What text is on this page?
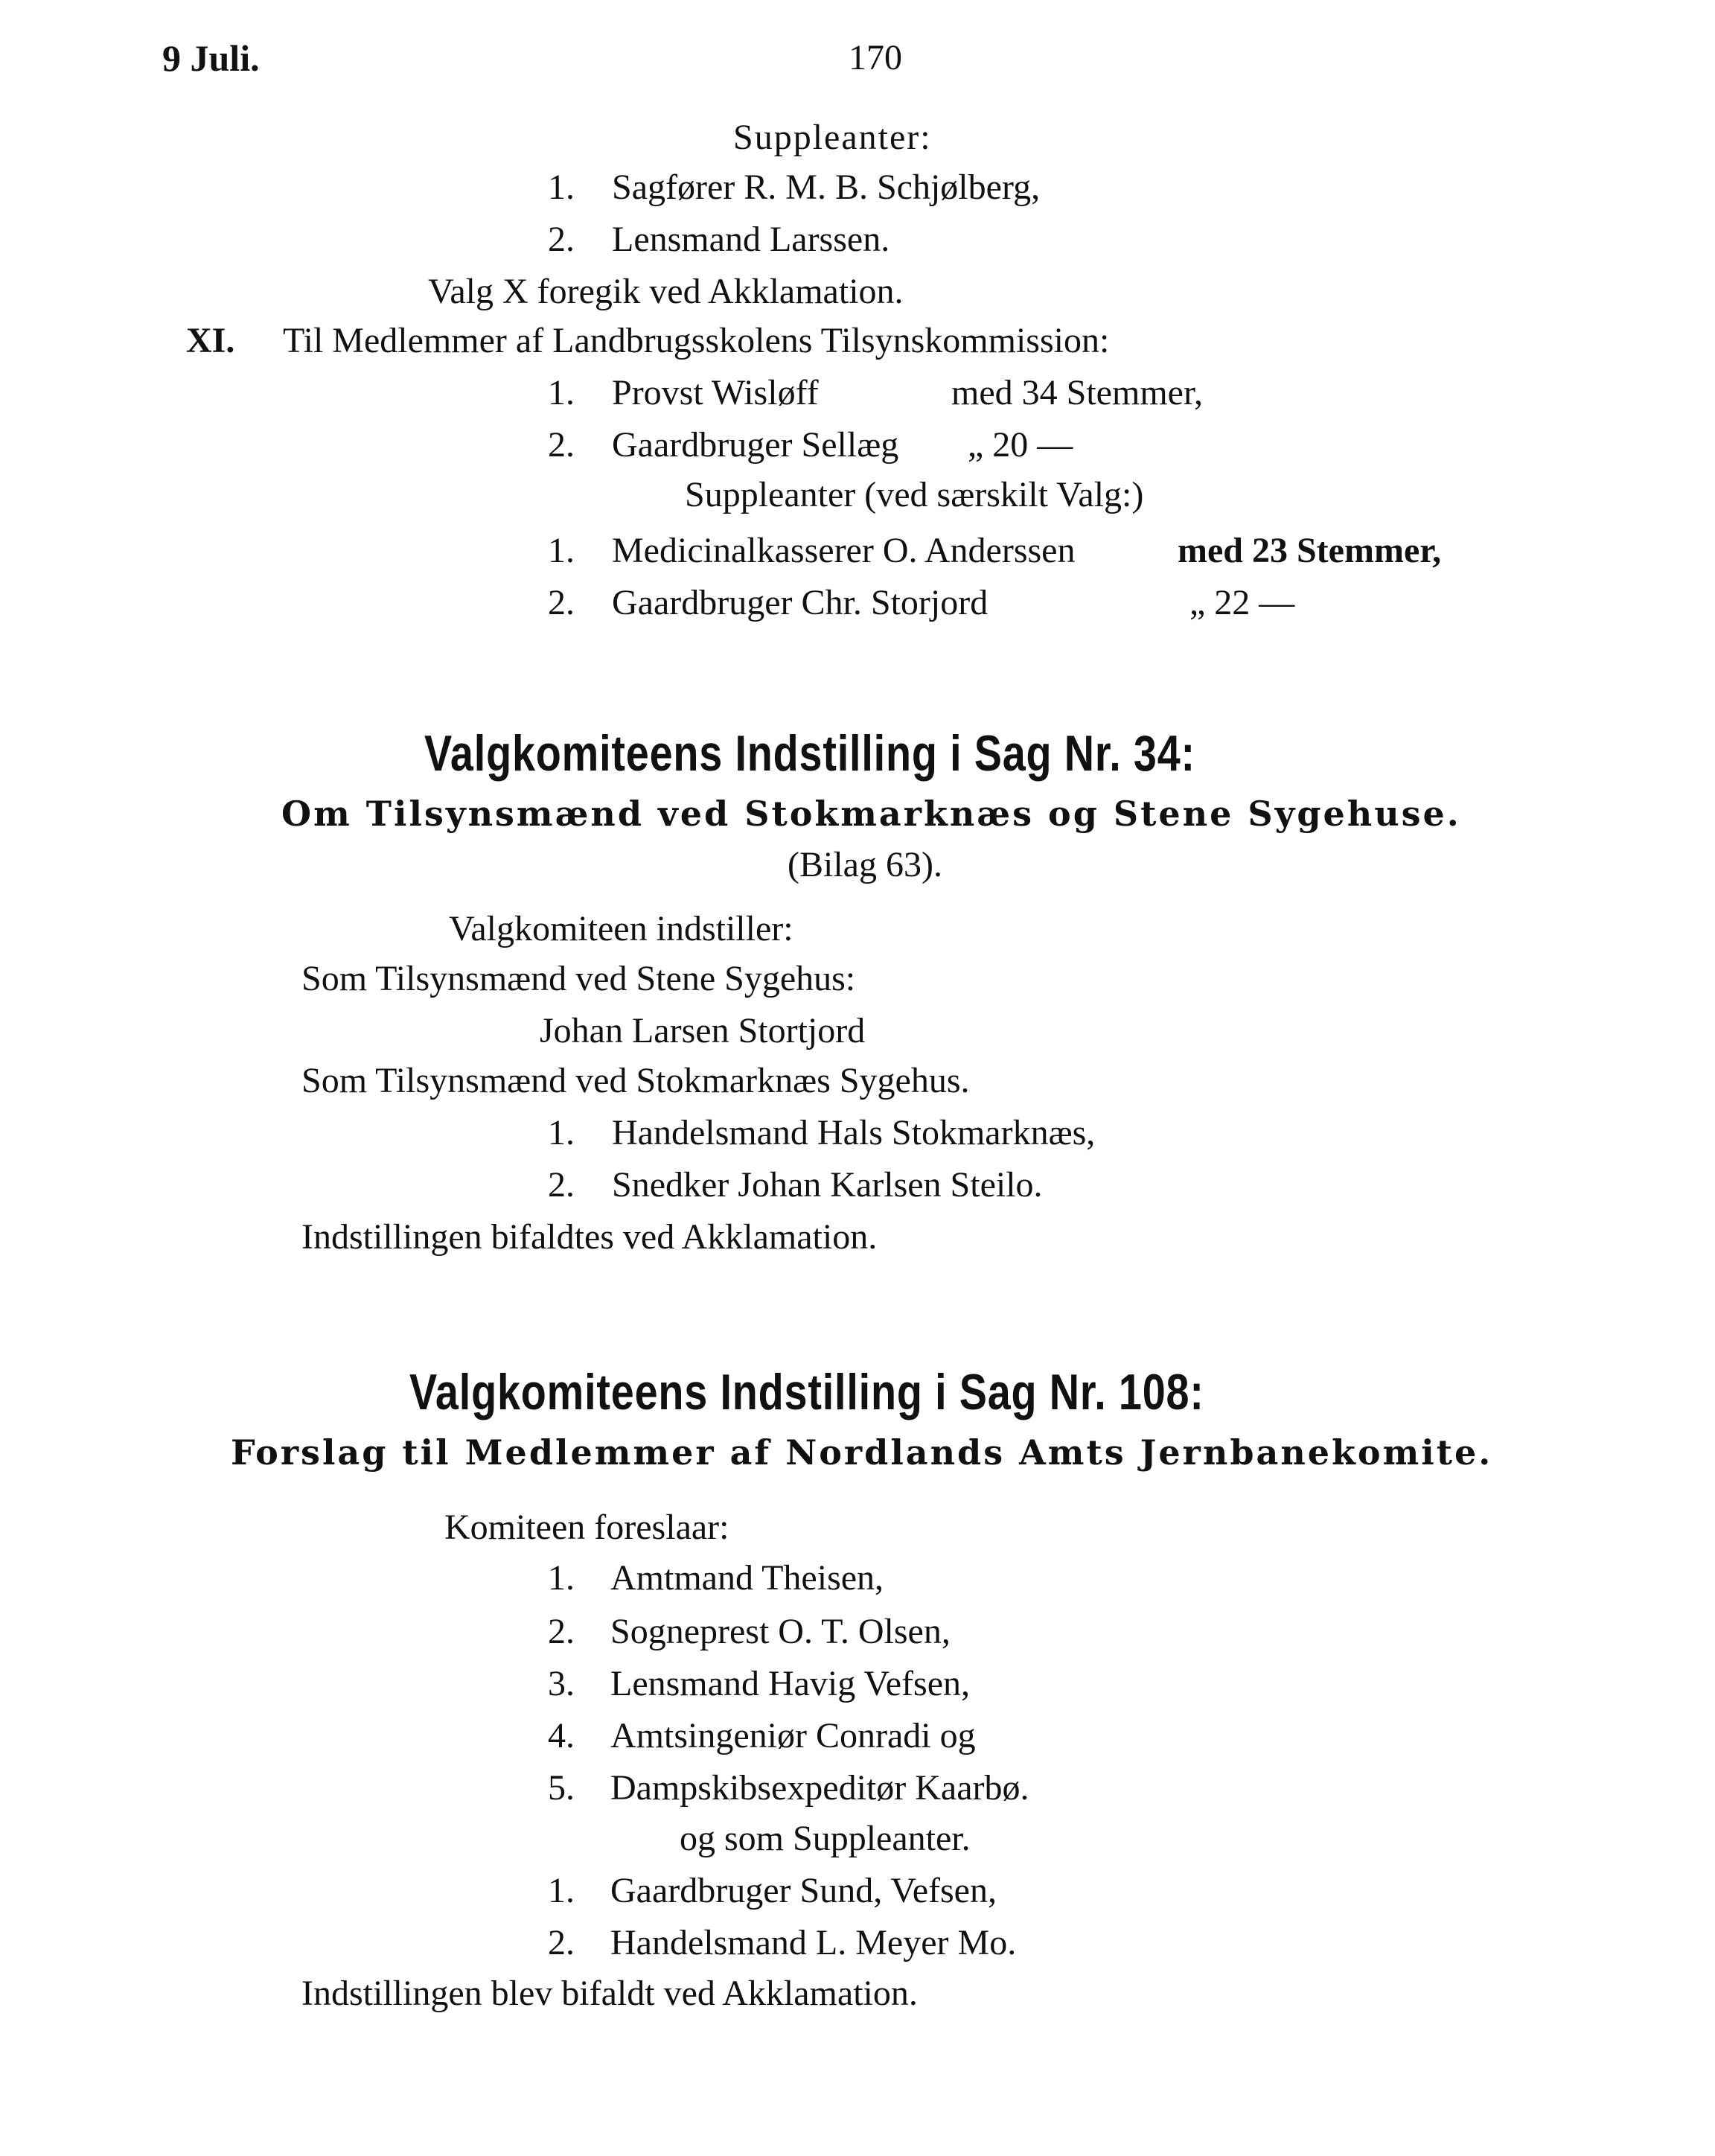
9 Juli.	170
Suppleanter:
1. Sagfører R. M. B. Schjølberg,
2. Lensmand Larssen.
Valg X foregik ved Akklamation.
XI. Til Medlemmer af Landbrugsskolens Tilsynskommission:
1. Provst Wisløff	med 34 Stemmer,
2. Gaardbruger Sellæg „ 20 —
Suppleanter (ved særskilt Valg:)
1. Medicinalkasserer O. Anderssen	med 23 Stemmer,
2. Gaardbruger Chr. Storjord	„ 22 —
Valgkomiteens Indstilling i Sag Nr. 34:
Om Tilsynsmænd ved Stokmarknæs og Stene Sygehuse.
(Bilag 63).
Valgkomiteen indstiller:
Som Tilsynsmænd ved Stene Sygehus:
Johan Larsen Stortjord
Som Tilsynsmænd ved Stokmarknæs Sygehus.
1. Handelsmand Hals Stokmarknæs,
2. Snedker Johan Karlsen Steilo.
Indstillingen bifaldtes ved Akklamation.
Valgkomiteens Indstilling i Sag Nr. 108:
Forslag til Medlemmer af Nordlands Amts Jernbanekomite.
Komiteen foreslaar:
1. Amtmand Theisen,
2. Sogneprest O. T. Olsen,
3. Lensmand Havig Vefsen,
4. Amtsingeniør Conradi og
5. Dampskibsexpeditør Kaarbø.
og som Suppleanter.
1. Gaardbruger Sund, Vefsen,
2. Handelsmand L. Meyer Mo.
Indstillingen blev bifaldt ved Akklamation.
